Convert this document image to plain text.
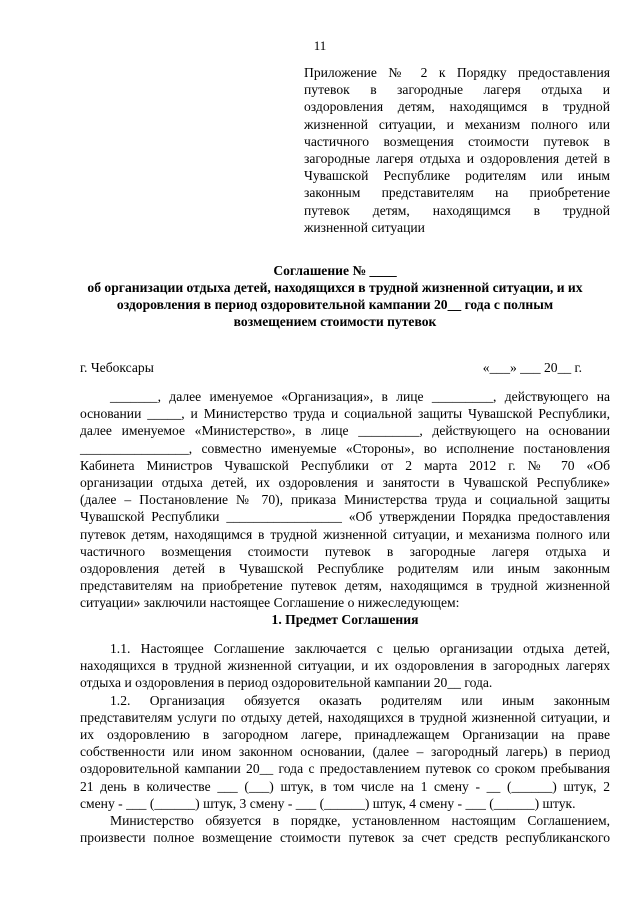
11
Приложение № 2 к Порядку предоставления
путевок в загородные лагеря отдыха и
оздоровления детям, находящимся в трудной
жизненной ситуации, и механизм полного или
частичного возмещения стоимости путевок в
загородные лагеря отдыха и оздоровления детей в
Чувашской Республике родителям или иным
законным представителям на приобретение
путевок детям, находящимся в трудной
жизненной ситуации
Соглашение № ____
об организации отдыха детей, находящихся в трудной жизненной ситуации, и их
оздоровления в период оздоровительной кампании 20__ года с полным
возмещением стоимости путевок
г. Чебоксары	«___» ___ 20__ г.
_______, далее именуемое «Организация», в лице _________, действующего на
основании _____, и Министерство труда и социальной защиты Чувашской Республики,
далее именуемое «Министерство», в лице _________, действующего на основании
________________, совместно именуемые «Стороны», во исполнение постановления
Кабинета Министров Чувашской Республики от 2 марта 2012 г. № 70 «Об
организации отдыха детей, их оздоровления и занятости в Чувашской Республике»
(далее – Постановление № 70), приказа Министерства труда и социальной защиты
Чувашской Республики _________________ «Об утверждении Порядка предоставления
путевок детям, находящимся в трудной жизненной ситуации, и механизма полного или
частичного возмещения стоимости путевок в загородные лагеря отдыха и
оздоровления детей в Чувашской Республике родителям или иным законным
представителям на приобретение путевок детям, находящимся в трудной жизненной
ситуации» заключили настоящее Соглашение о нижеследующем:
1. Предмет Соглашения
1.1. Настоящее Соглашение заключается с целью организации отдыха детей,
находящихся в трудной жизненной ситуации, и их оздоровления в загородных лагерях
отдыха и оздоровления в период оздоровительной кампании 20__ года.
1.2. Организация обязуется оказать родителям или иным законным
представителям услуги по отдыху детей, находящихся в трудной жизненной ситуации, и
их оздоровлению в загородном лагере, принадлежащем Организации на праве
собственности или ином законном основании, (далее – загородный лагерь) в период
оздоровительной кампании 20__ года с предоставлением путевок со сроком пребывания
21 день в количестве ___ (___) штук, в том числе на 1 смену - __ (______) штук, 2
смену - ___ (______) штук, 3 смену - ___ (______) штук, 4 смену - ___ (______) штук.
Министерство обязуется в порядке, установленном настоящим Соглашением,
произвести полное возмещение стоимости путевок за счет средств республиканского
